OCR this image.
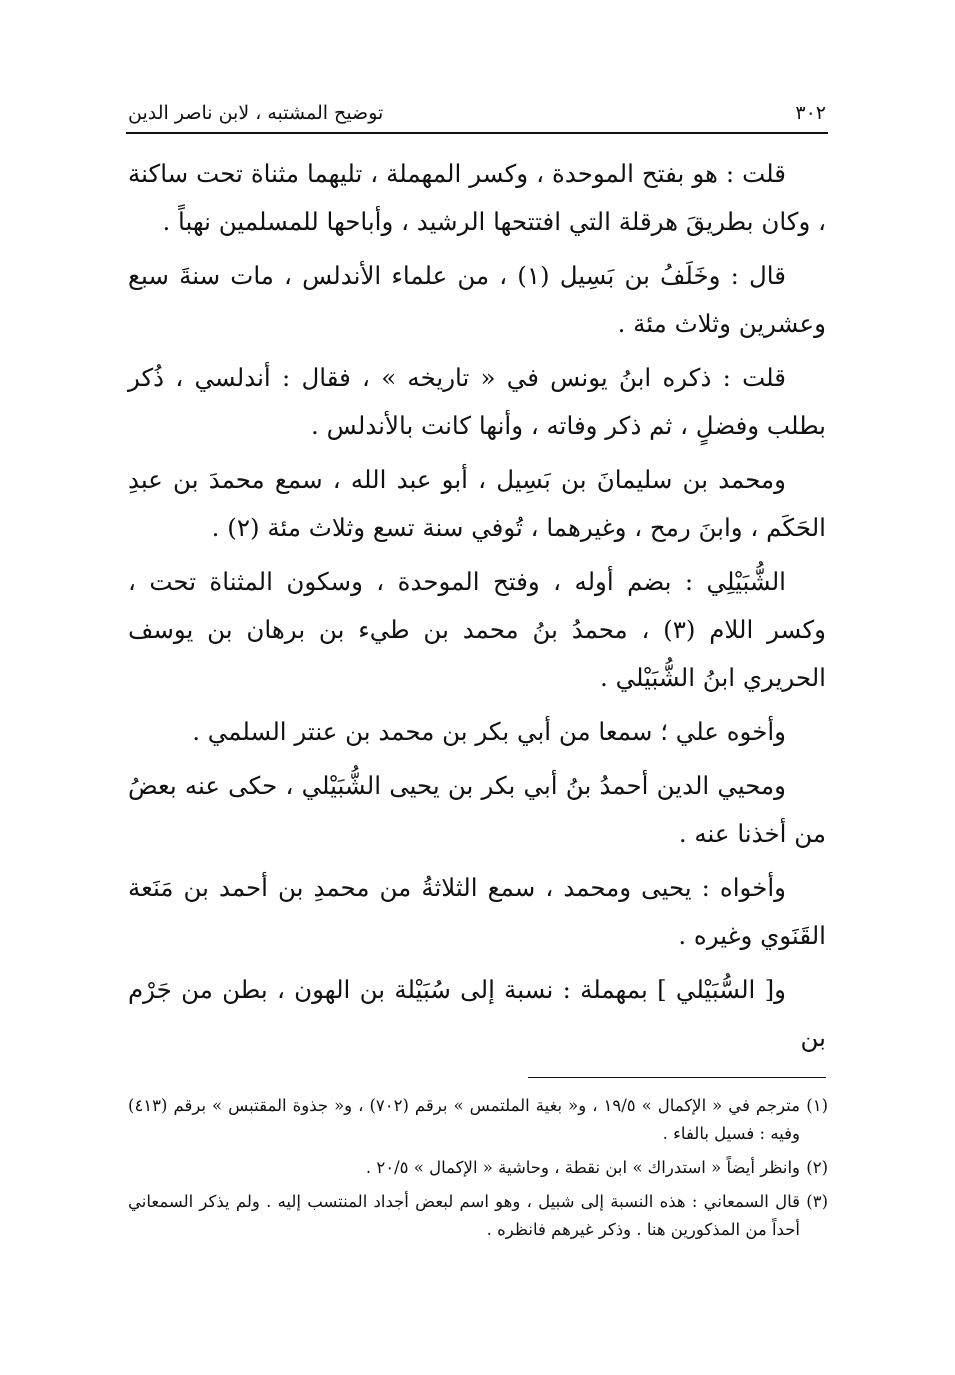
٣٠٢
توضيح المشتبه ، لابن ناصر الدين

قلت : هو بفتح الموحدة ، وكسر المهملة ، تليهما مثناة تحت ساكنة ، وكان بطريقَ هرقلة التي افتتحها الرشيد ، وأباحها للمسلمين نهباً .

قال : وخَلَفُ بن بَسِيل (١) ، من علماء الأندلس ، مات سنةَ سبع وعشرين وثلاث مئة .

قلت : ذكره ابنُ يونس في « تاريخه » ، فقال : أندلسي ، ذُكر بطلب وفضلٍ ، ثم ذكر وفاته ، وأنها كانت بالأندلس .

ومحمد بن سليمانَ بن بَسِيل ، أبو عبد الله ، سمع محمدَ بن عبدِ الحَكَم ، وابنَ رمح ، وغيرهما ، تُوفي سنة تسع وثلاث مئة (٢) .

الشُّبَيْلِي : بضم أوله ، وفتح الموحدة ، وسكون المثناة تحت ، وكسر اللام (٣) ، محمدُ بنُ محمد بن طيء بن برهان بن يوسف الحريري ابنُ الشُّبَيْلي .

وأخوه علي ؛ سمعا من أبي بكر بن محمد بن عنتر السلمي .

ومحيي الدين أحمدُ بنُ أبي بكر بن يحيى الشُّبَيْلي ، حكى عنه بعضُ من أخذنا عنه .

وأخواه : يحيى ومحمد ، سمع الثلاثةُ من محمدِ بن أحمد بن مَنَعة القَنَوي وغيره .

و[ السُّبَيْلي ] بمهملة : نسبة إلى سُبَيْلة بن الهون ، بطن من جَرْم بن

(١)مترجم في « الإكمال » ١٩/٥ ، و« بغية الملتمس » برقم (٧٠٢) ، و« جذوة المقتبس » برقم (٤١٣) وفيه : فسيل بالفاء .
(٢)وانظر أيضاً « استدراك » ابن نقطة ، وحاشية « الإكمال » ٢٠/٥ .
(٣)قال السمعاني : هذه النسبة إلى شبيل ، وهو اسم لبعض أجداد المنتسب إليه . ولم يذكر السمعاني أحداً من المذكورين هنا . وذكر غيرهم فانظره .
